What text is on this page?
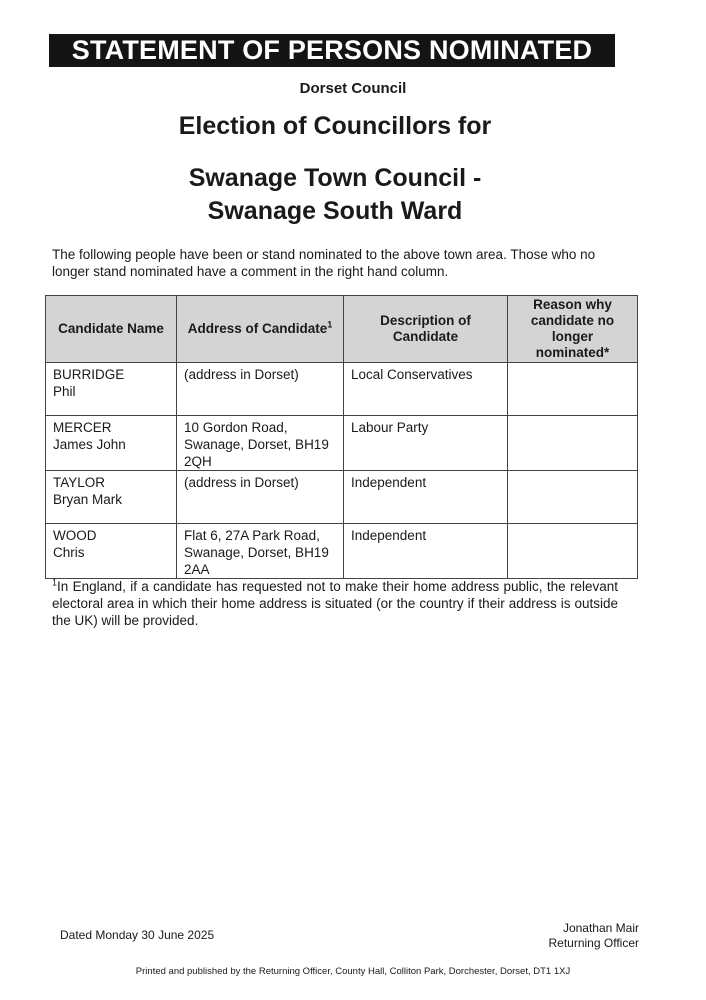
STATEMENT OF PERSONS NOMINATED
Dorset Council
Election of Councillors for
Swanage Town Council -
Swanage South Ward
The following people have been or stand nominated to the above town area. Those who no longer stand nominated have a comment in the right hand column.
Candidate Name	Address of Candidate$^1$	Description of Candidate	Reason why candidate no longer nominated*

BURRIDGE
Phil	(address in Dorset)	Local Conservatives	

MERCER
James John	10 Gordon Road, Swanage, Dorset, BH19 2QH	Labour Party	

TAYLOR
Bryan Mark	(address in Dorset)	Independent	

WOOD
Chris	Flat 6, 27A Park Road, Swanage, Dorset, BH19 2AA	Independent	
$^1$In England, if a candidate has requested not to make their home address public, the relevant electoral area in which their home address is situated (or the country if their address is outside the UK) will be provided.
Dated Monday 30 June 2025	Jonathan Mair
Returning Officer
Printed and published by the Returning Officer, County Hall, Colliton Park, Dorchester, Dorset, DT1 1XJ
